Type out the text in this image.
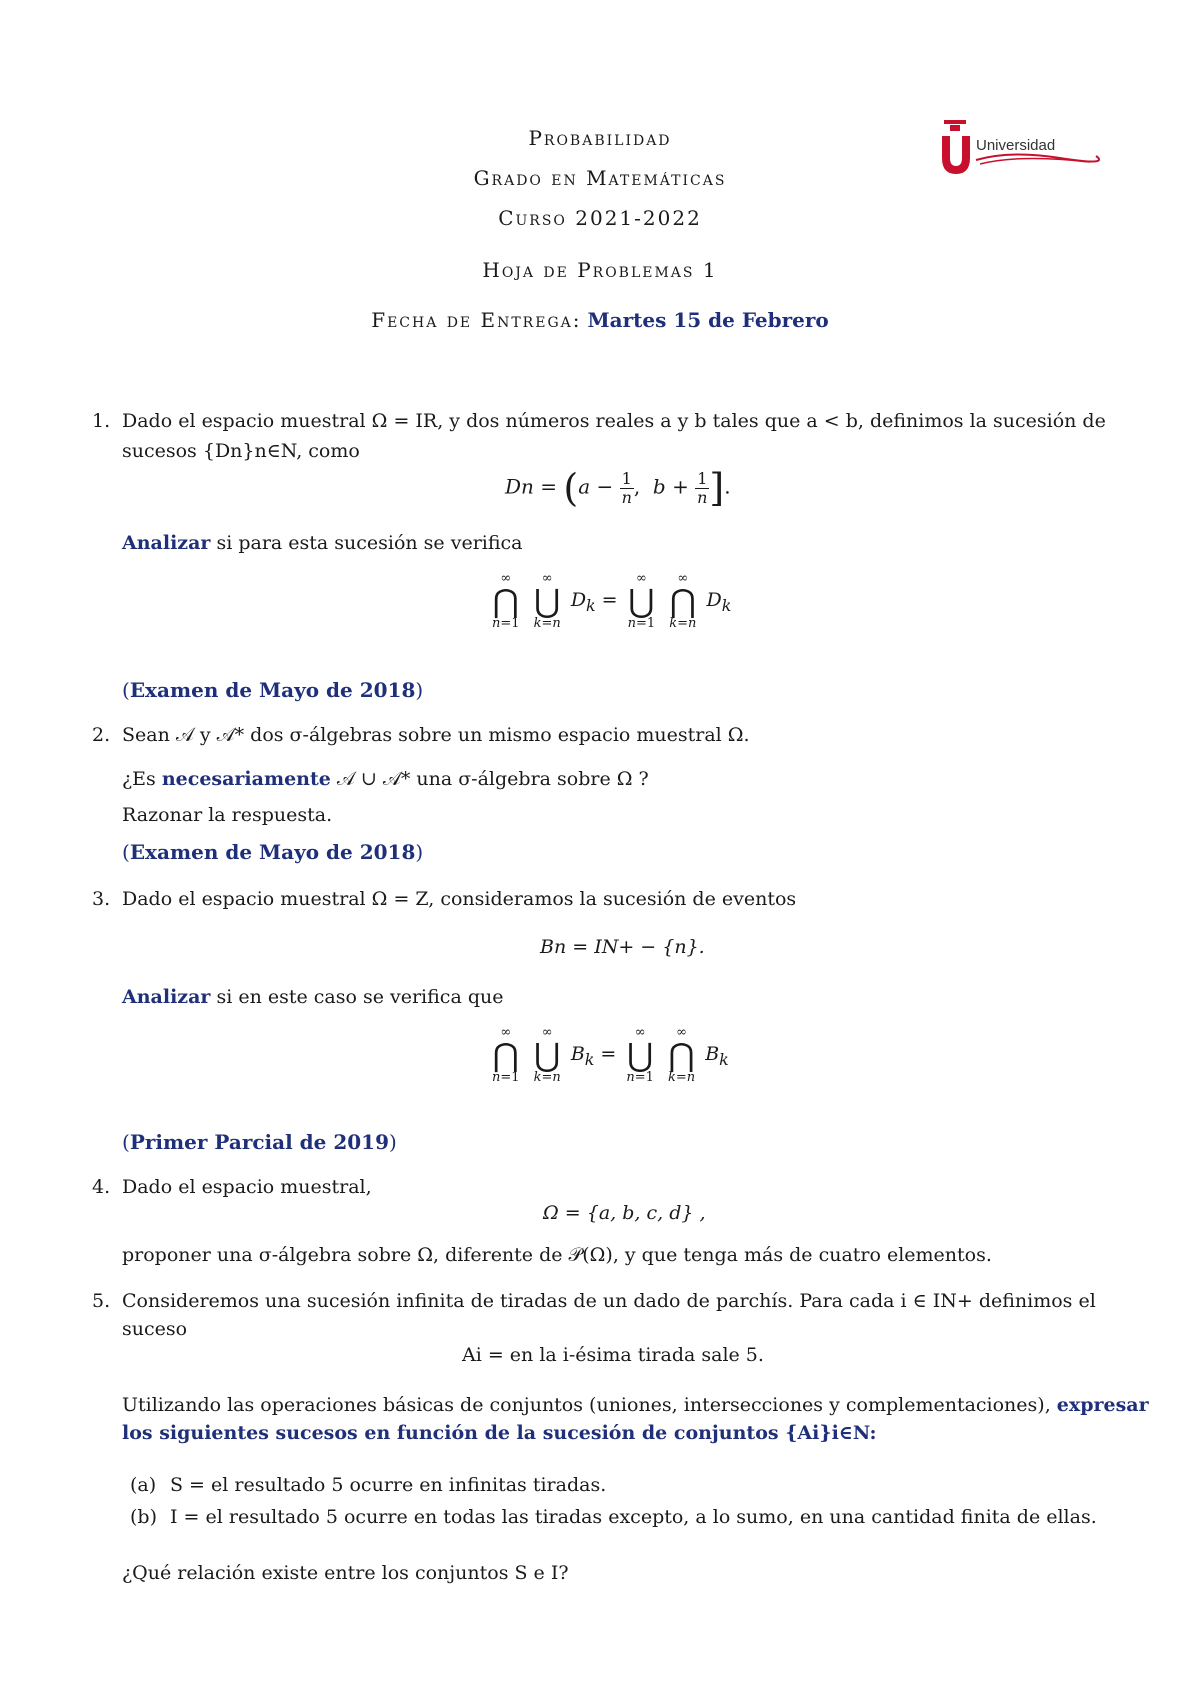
Probabilidad
Grado en Matemáticas
Curso 2021-2022
Hoja de Problemas 1
Fecha de Entrega: Martes 15 de Febrero
Universidad
1. Dado el espacio muestral Ω = IR, y dos números reales a y b tales que a < b, definimos la sucesión de
sucesos {Dn}n∈N, como
$Dn = (a - \frac{1}{n}$ ,  $b + \frac{1}{n}$ ].
Analizar si para esta sucesión se verifica
∞
⋂
n=1

∞
⋃
k=n
$D_k$ =
∞
⋃
n=1

∞
⋂
k=n
$D_k$
(Examen de Mayo de 2018)
2. Sean 𝒜 y 𝒜* dos σ-álgebras sobre un mismo espacio muestral Ω.
¿Es necesariamente 𝒜 ∪ 𝒜* una σ-álgebra sobre Ω ?
Razonar la respuesta.
(Examen de Mayo de 2018)
3. Dado el espacio muestral Ω = Z, consideramos la sucesión de eventos
Bn = IN+ − {n}.
Analizar si en este caso se verifica que
∞
⋂
n=1

∞
⋃
k=n
$B_k$ =
∞
⋃
n=1

∞
⋂
k=n
$B_k$
(Primer Parcial de 2019)
4. Dado el espacio muestral,
Ω = {a, b, c, d} ,
proponer una σ-álgebra sobre Ω, diferente de 𝒫(Ω), y que tenga más de cuatro elementos.
5. Consideremos una sucesión infinita de tiradas de un dado de parchís. Para cada i ∈ IN+ definimos el
suceso
Ai = en la i-ésima tirada sale 5.
Utilizando las operaciones básicas de conjuntos (uniones, intersecciones y complementaciones), expresar
los siguientes sucesos en función de la sucesión de conjuntos {Ai}i∈N:
(a) S = el resultado 5 ocurre en infinitas tiradas.
(b) I = el resultado 5 ocurre en todas las tiradas excepto, a lo sumo, en una cantidad finita de ellas.
¿Qué relación existe entre los conjuntos S e I?
